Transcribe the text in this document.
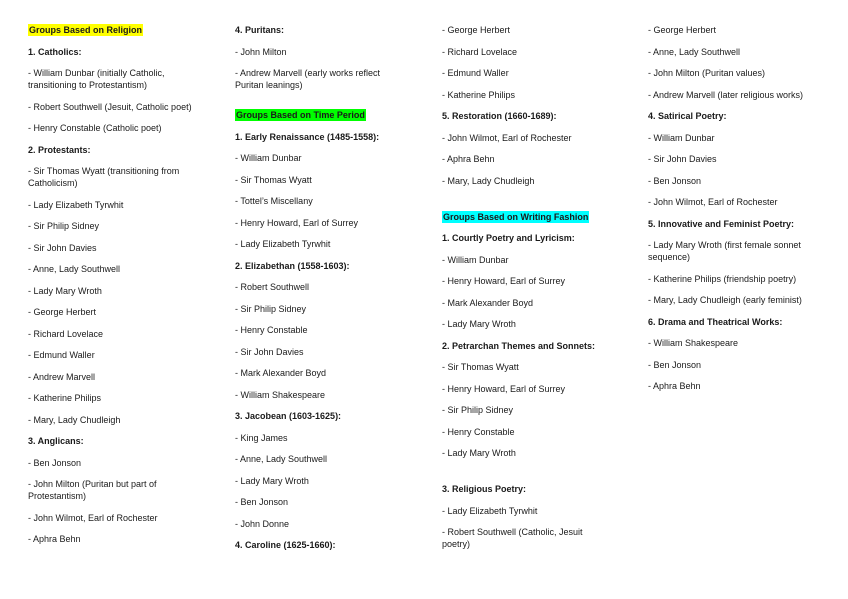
Groups Based on Religion

1. Catholics:

- William Dunbar (initially Catholic, transitioning to Protestantism)

- Robert Southwell (Jesuit, Catholic poet)

- Henry Constable (Catholic poet)

2. Protestants:

- Sir Thomas Wyatt (transitioning from Catholicism)

- Lady Elizabeth Tyrwhit

- Sir Philip Sidney

- Sir John Davies

- Anne, Lady Southwell

- Lady Mary Wroth

- George Herbert

- Richard Lovelace

- Edmund Waller

- Andrew Marvell

- Katherine Philips

- Mary, Lady Chudleigh

3. Anglicans:

- Ben Jonson

- John Milton (Puritan but part of Protestantism)

- John Wilmot, Earl of Rochester

- Aphra Behn

4. Puritans:

- John Milton

- Andrew Marvell (early works reflect Puritan leanings)

Groups Based on Time Period

1. Early Renaissance (1485-1558):

- William Dunbar

- Sir Thomas Wyatt

- Tottel’s Miscellany

- Henry Howard, Earl of Surrey

- Lady Elizabeth Tyrwhit

2. Elizabethan (1558-1603):

- Robert Southwell

- Sir Philip Sidney

- Henry Constable

- Sir John Davies

- Mark Alexander Boyd

- William Shakespeare

3. Jacobean (1603-1625):

- King James

- Anne, Lady Southwell

- Lady Mary Wroth

- Ben Jonson

- John Donne

4. Caroline (1625-1660):

- George Herbert

- Richard Lovelace

- Edmund Waller

- Katherine Philips

5. Restoration (1660-1689):

- John Wilmot, Earl of Rochester

- Aphra Behn

- Mary, Lady Chudleigh

Groups Based on Writing Fashion

1. Courtly Poetry and Lyricism:

- William Dunbar

- Henry Howard, Earl of Surrey

- Mark Alexander Boyd

- Lady Mary Wroth

2. Petrarchan Themes and Sonnets:

- Sir Thomas Wyatt

- Henry Howard, Earl of Surrey

- Sir Philip Sidney

- Henry Constable

- Lady Mary Wroth

3. Religious Poetry:

- Lady Elizabeth Tyrwhit

- Robert Southwell (Catholic, Jesuit poetry)

- George Herbert

- Anne, Lady Southwell

- John Milton (Puritan values)

- Andrew Marvell (later religious works)

4. Satirical Poetry:

- William Dunbar

- Sir John Davies

- Ben Jonson

- John Wilmot, Earl of Rochester

5. Innovative and Feminist Poetry:

- Lady Mary Wroth (first female sonnet sequence)

- Katherine Philips (friendship poetry)

- Mary, Lady Chudleigh (early feminist)

6. Drama and Theatrical Works:

- William Shakespeare

- Ben Jonson

- Aphra Behn
